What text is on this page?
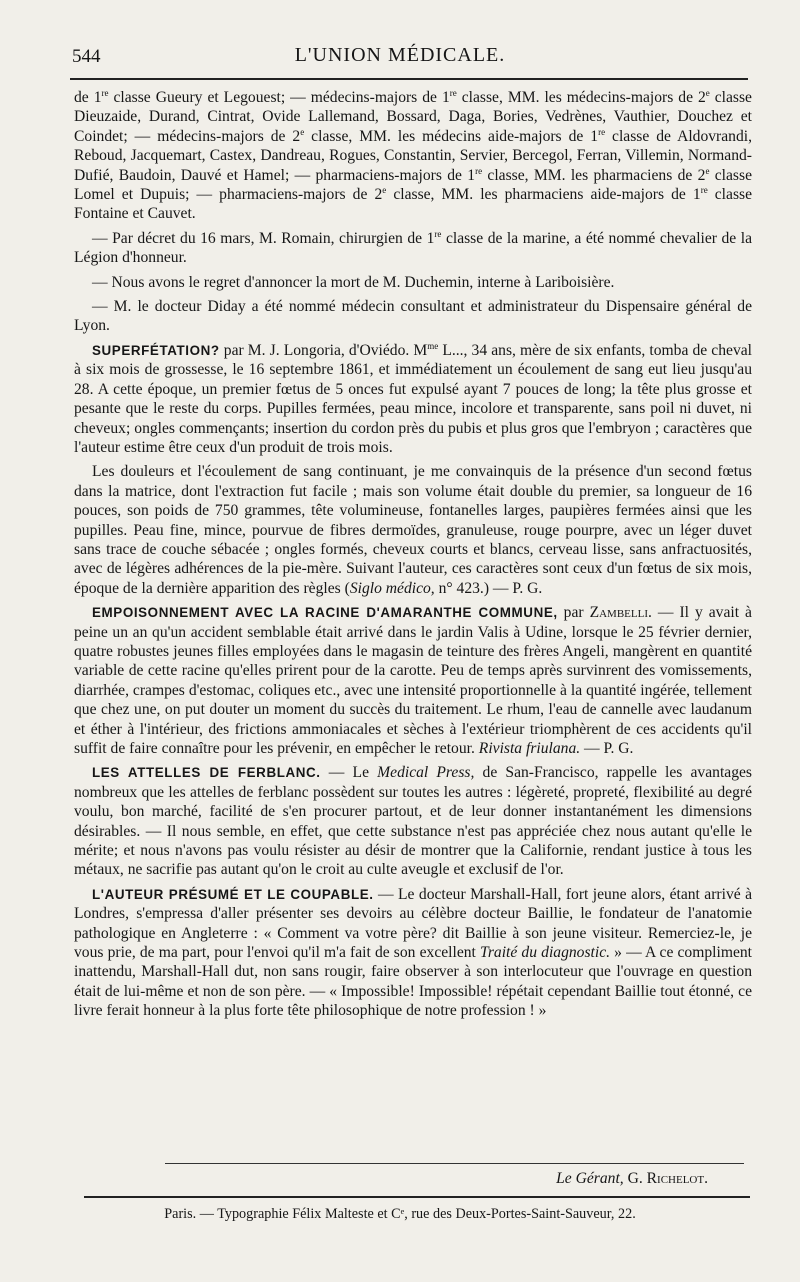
544	L'UNION MÉDICALE.

de 1re classe Gueury et Legouest; — médecins-majors de 1re classe, MM. les médecins-majors de 2e classe Dieuzaide, Durand, Cintrat, Ovide Lallemand, Bossard, Daga, Bories, Vedrènes, Vauthier, Douchez et Coindet; — médecins-majors de 2e classe, MM. les médecins aide-majors de 1re classe de Aldovrandi, Reboud, Jacquemart, Castex, Dandreau, Rogues, Constantin, Servier, Bercegol, Ferran, Villemin, Normand-Dufié, Baudoin, Dauvé et Hamel; — pharmaciens-majors de 1re classe, MM. les pharmaciens de 2e classe Lomel et Dupuis; — pharmaciens-majors de 2e classe, MM. les pharmaciens aide-majors de 1re classe Fontaine et Cauvet.

— Par décret du 16 mars, M. Romain, chirurgien de 1re classe de la marine, a été nommé chevalier de la Légion d'honneur.

— Nous avons le regret d'annoncer la mort de M. Duchemin, interne à Lariboisière.

— M. le docteur Diday a été nommé médecin consultant et administrateur du Dispensaire général de Lyon.

SUPERFÉTATION? par M. J. Longoria, d'Oviédo. $M^{me}$ L..., 34 ans, mère de six enfants, tomba de cheval à six mois de grossesse, le 16 septembre 1861, et immédiatement un écoulement de sang eut lieu jusqu'au 28. A cette époque, un premier fœtus de 5 onces fut expulsé ayant 7 pouces de long; la tête plus grosse et pesante que le reste du corps. Pupilles fermées, peau mince, incolore et transparente, sans poil ni duvet, ni cheveux; ongles commençants; insertion du cordon près du pubis et plus gros que l'embryon ; caractères que l'auteur estime être ceux d'un produit de trois mois.

Les douleurs et l'écoulement de sang continuant, je me convainquis de la présence d'un second fœtus dans la matrice, dont l'extraction fut facile ; mais son volume était double du premier, sa longueur de 16 pouces, son poids de 750 grammes, tête volumineuse, fontanelles larges, paupières fermées ainsi que les pupilles. Peau fine, mince, pourvue de fibres dermoïdes, granuleuse, rouge pourpre, avec un léger duvet sans trace de couche sébacée ; ongles formés, cheveux courts et blancs, cerveau lisse, sans anfractuosités, avec de légères adhérences de la pie-mère. Suivant l'auteur, ces caractères sont ceux d'un fœtus de six mois, époque de la dernière apparition des règles (Siglo médico, n° 423.) — P. G.

EMPOISONNEMENT AVEC LA RACINE D'AMARANTHE COMMUNE, par Zambelli. — Il y avait à peine un an qu'un accident semblable était arrivé dans le jardin Valis à Udine, lorsque le 25 février dernier, quatre robustes jeunes filles employées dans le magasin de teinture des frères Angeli, mangèrent en quantité variable de cette racine qu'elles prirent pour de la carotte. Peu de temps après survinrent des vomissements, diarrhée, crampes d'estomac, coliques etc., avec une intensité proportionnelle à la quantité ingérée, tellement que chez une, on put douter un moment du succès du traitement. Le rhum, l'eau de cannelle avec laudanum et éther à l'intérieur, des frictions ammoniacales et sèches à l'extérieur triomphèrent de ces accidents qu'il suffit de faire connaître pour les prévenir, en empêcher le retour. Rivista friulana. — P. G.

LES ATTELLES DE FERBLANC. — Le Medical Press, de San-Francisco, rappelle les avantages nombreux que les attelles de ferblanc possèdent sur toutes les autres : légèreté, propreté, flexibilité au degré voulu, bon marché, facilité de s'en procurer partout, et de leur donner instantanément les dimensions désirables. — Il nous semble, en effet, que cette substance n'est pas appréciée chez nous autant qu'elle le mérite; et nous n'avons pas voulu résister au désir de montrer que la Californie, rendant justice à tous les métaux, ne sacrifie pas autant qu'on le croit au culte aveugle et exclusif de l'or.

L'AUTEUR PRÉSUMÉ ET LE COUPABLE. — Le docteur Marshall-Hall, fort jeune alors, étant arrivé à Londres, s'empressa d'aller présenter ses devoirs au célèbre docteur Baillie, le fondateur de l'anatomie pathologique en Angleterre : « Comment va votre père? dit Baillie à son jeune visiteur. Remerciez-le, je vous prie, de ma part, pour l'envoi qu'il m'a fait de son excellent Traité du diagnostic. » — A ce compliment inattendu, Marshall-Hall dut, non sans rougir, faire observer à son interlocuteur que l'ouvrage en question était de lui-même et non de son père. — « Impossible! Impossible! répétait cependant Baillie tout étonné, ce livre ferait honneur à la plus forte tête philosophique de notre profession ! »

Le Gérant, G. Richelot.
Paris. — Typographie Félix Malteste et Cᵉ, rue des Deux-Portes-Saint-Sauveur, 22.
